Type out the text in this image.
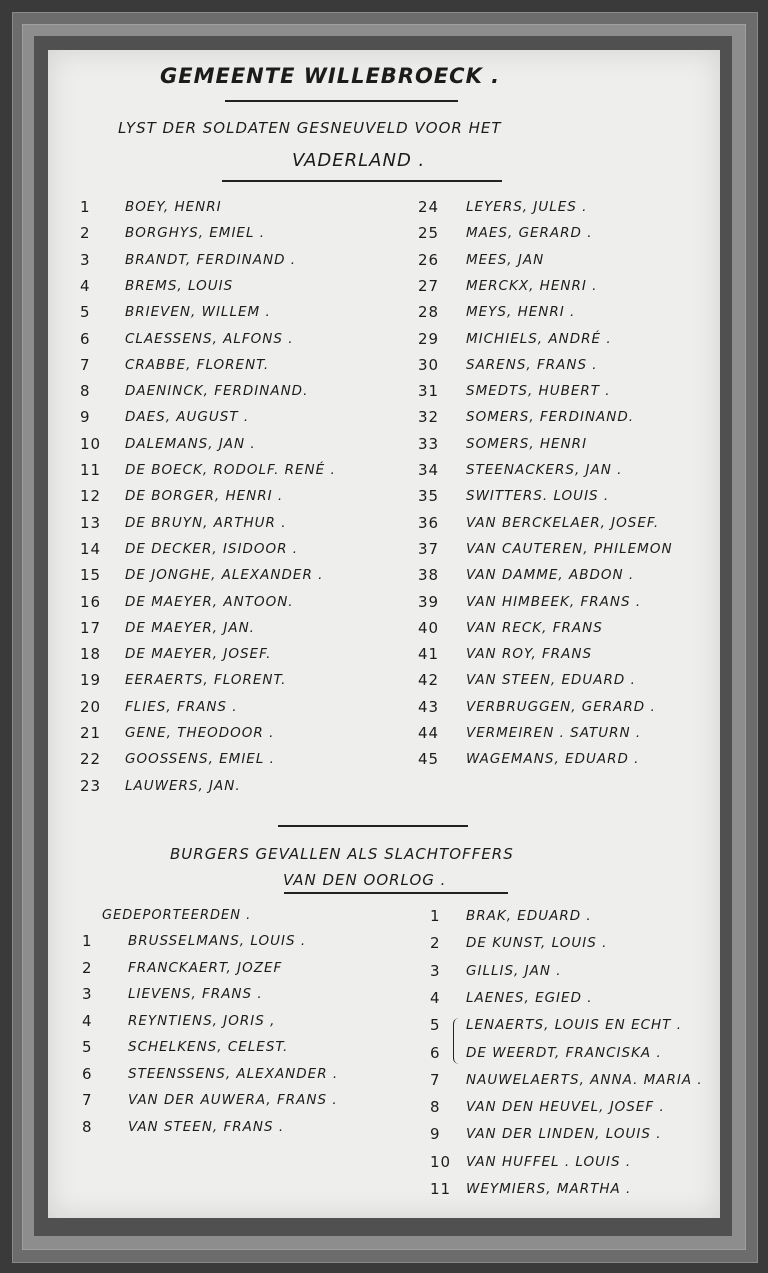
GEMEENTE WILLEBROECK .
LYST DER SOLDATEN GESNEUVELD VOOR HET
VADERLAND .
1	BOEY, HENRI
2	BORGHYS, EMIEL .
3	BRANDT, FERDINAND .
4	BREMS, LOUIS
5	BRIEVEN, WILLEM .
6	CLAESSENS, ALFONS .
7	CRABBE, FLORENT.
8	DAENINCK, FERDINAND.
9	DAES, AUGUST .
10 DALEMANS, JAN .
11 DE BOECK, RODOLF. RENÉ .
12 DE BORGER, HENRI .
13 DE BRUYN, ARTHUR .
14 DE DECKER, ISIDOOR .
15 DE JONGHE, ALEXANDER .
16 DE MAEYER, ANTOON.
17 DE MAEYER, JAN.
18 DE MAEYER, JOSEF.
19 EERAERTS, FLORENT.
20 FLIES, FRANS .
21 GENE, THEODOOR .
22 GOOSSENS, EMIEL .
23 LAUWERS, JAN.
24 LEYERS, JULES .
25 MAES, GERARD .
26 MEES, JAN
27 MERCKX, HENRI .
28 MEYS, HENRI .
29 MICHIELS, ANDRÉ .
30 SARENS, FRANS .
31 SMEDTS, HUBERT .
32 SOMERS, FERDINAND.
33 SOMERS, HENRI
34 STEENACKERS, JAN .
35 SWITTERS. LOUIS .
36 VAN BERCKELAER, JOSEF.
37 VAN CAUTEREN, PHILEMON
38 VAN DAMME, ABDON .
39 VAN HIMBEEK, FRANS .
40 VAN RECK, FRANS
41 VAN ROY, FRANS
42 VAN STEEN, EDUARD .
43 VERBRUGGEN, GERARD .
44 VERMEIREN . SATURN .
45 WAGEMANS, EDUARD .
BURGERS GEVALLEN ALS SLACHTOFFERS
VAN DEN OORLOG .
GEDEPORTEERDEN .
1	BRUSSELMANS, LOUIS .
2	FRANCKAERT, JOZEF
3	LIEVENS, FRANS .
4	REYNTIENS, JORIS ,
5	SCHELKENS, CELEST.
6	STEENSSENS, ALEXANDER .
7	VAN DER AUWERA, FRANS .
8	VAN STEEN, FRANS .
1 BRAK, EDUARD .
2 DE KUNST, LOUIS .
3 GILLIS, JAN .
4 LAENES, EGIED .
5 LENAERTS, LOUIS EN ECHT .
6 DE WEERDT, FRANCISKA .
7 NAUWELAERTS, ANNA. MARIA .
8 VAN DEN HEUVEL, JOSEF .
9 VAN DER LINDEN, LOUIS .
10 VAN HUFFEL . LOUIS .
11 WEYMIERS, MARTHA .
